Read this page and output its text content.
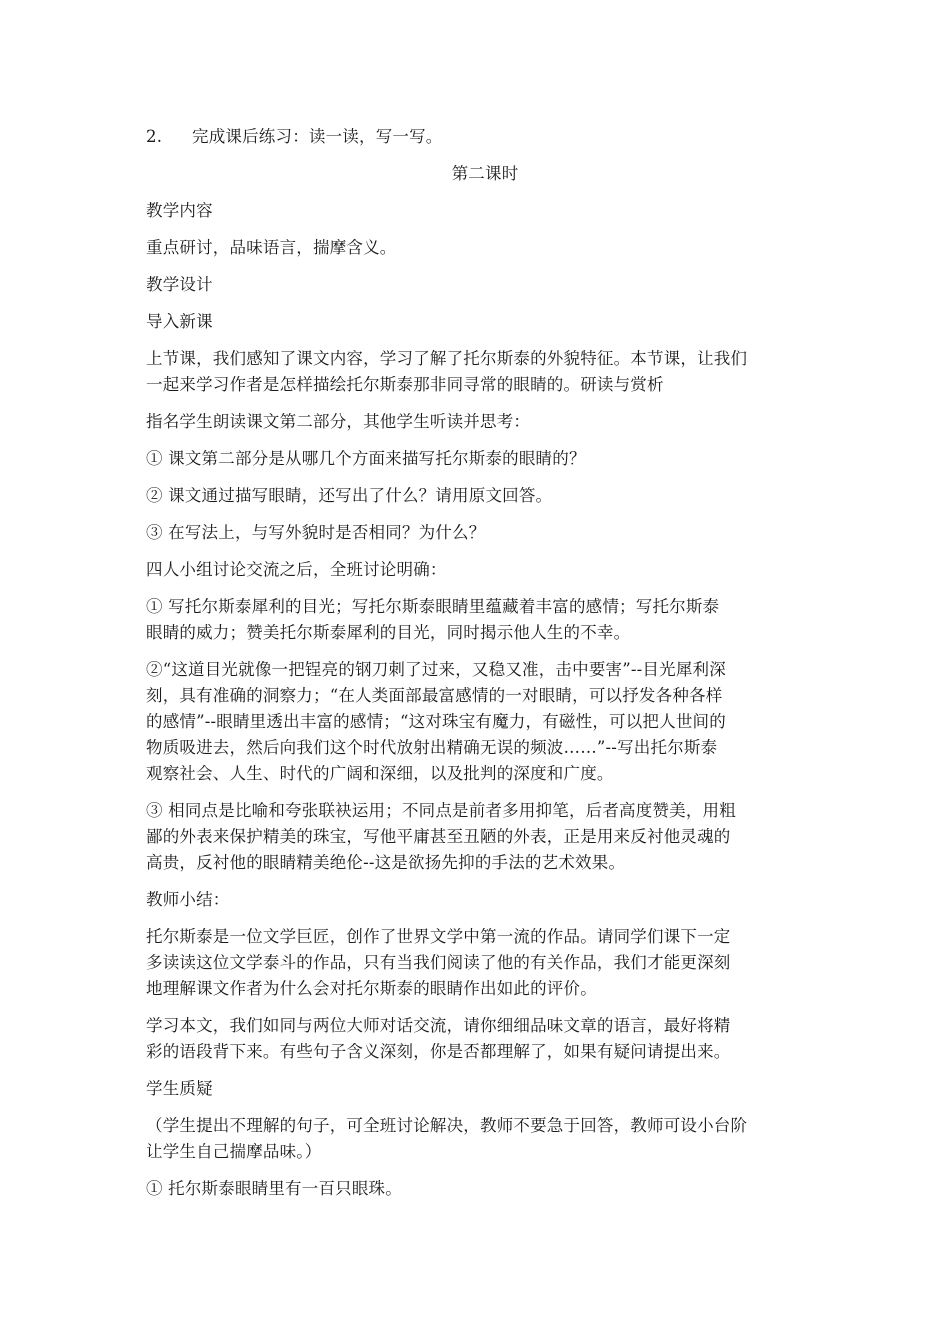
2. 完成课后练习：读一读，写一写。
第二课时
教学内容
重点研讨，品味语言，揣摩含义。
教学设计
导入新课
上节课，我们感知了课文内容，学习了解了托尔斯泰的外貌特征。本节课，让我们
一起来学习作者是怎样描绘托尔斯泰那非同寻常的眼睛的。研读与赏析
指名学生朗读课文第二部分，其他学生听读并思考：
① 课文第二部分是从哪几个方面来描写托尔斯泰的眼睛的？
② 课文通过描写眼睛，还写出了什么？请用原文回答。
③ 在写法上，与写外貌时是否相同？为什么？
四人小组讨论交流之后，全班讨论明确：
① 写托尔斯泰犀利的目光；写托尔斯泰眼睛里蕴藏着丰富的感情；写托尔斯泰
眼睛的威力；赞美托尔斯泰犀利的目光，同时揭示他人生的不幸。
②“这道目光就像一把锃亮的钢刀刺了过来，又稳又准，击中要害”--目光犀利深
刻，具有准确的洞察力；“在人类面部最富感情的一对眼睛，可以抒发各种各样
的感情”--眼睛里透出丰富的感情；“这对珠宝有魔力，有磁性，可以把人世间的
物质吸进去，然后向我们这个时代放射出精确无误的频波……”--写出托尔斯泰
观察社会、人生、时代的广阔和深细，以及批判的深度和广度。
③ 相同点是比喻和夸张联袂运用；不同点是前者多用抑笔，后者高度赞美，用粗
鄙的外表来保护精美的珠宝，写他平庸甚至丑陋的外表，正是用来反衬他灵魂的
高贵，反衬他的眼睛精美绝伦--这是欲扬先抑的手法的艺术效果。
教师小结：
托尔斯泰是一位文学巨匠，创作了世界文学中第一流的作品。请同学们课下一定
多读读这位文学泰斗的作品，只有当我们阅读了他的有关作品，我们才能更深刻
地理解课文作者为什么会对托尔斯泰的眼睛作出如此的评价。
学习本文，我们如同与两位大师对话交流，请你细细品味文章的语言，最好将精
彩的语段背下来。有些句子含义深刻，你是否都理解了，如果有疑问请提出来。
学生质疑
（学生提出不理解的句子，可全班讨论解决，教师不要急于回答，教师可设小台阶
让学生自己揣摩品味。）
① 托尔斯泰眼睛里有一百只眼珠。
